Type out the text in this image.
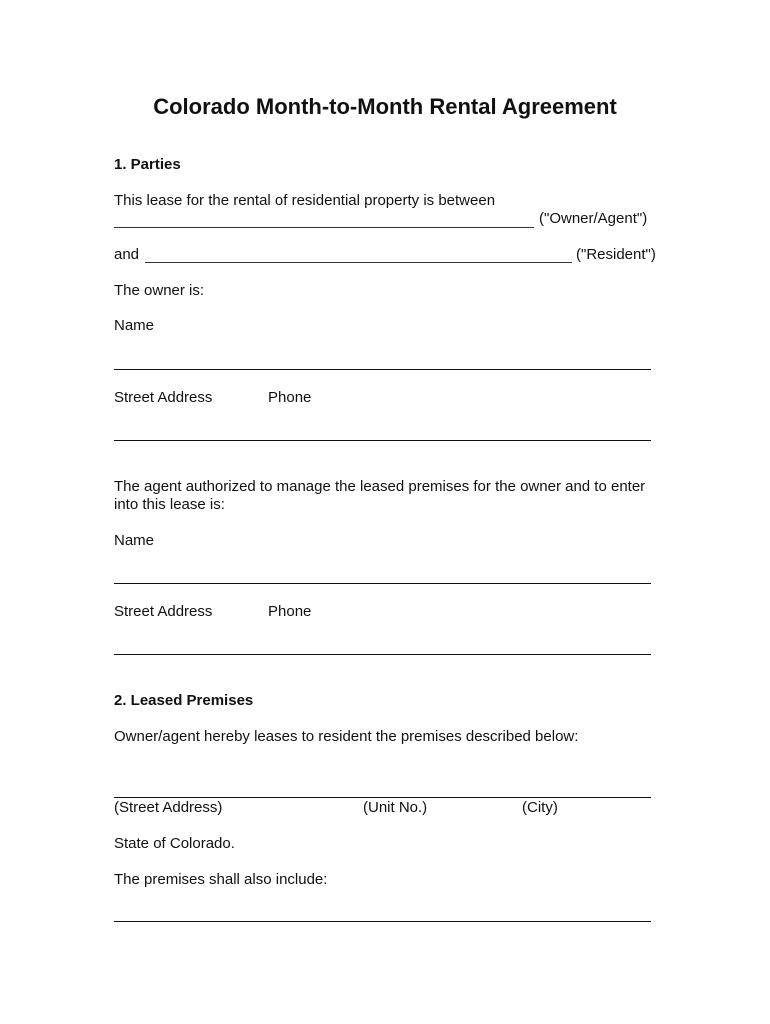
Colorado Month-to-Month Rental Agreement
1. Parties
This lease for the rental of residential property is between
("Owner/Agent")
and	("Resident")
The owner is:
Name
Street Address	Phone
The agent authorized to manage the leased premises for the owner and to enter into this lease is:
Name
Street Address	Phone
2. Leased Premises
Owner/agent hereby leases to resident the premises described below:
(Street Address)	(Unit No.)	(City)
State of Colorado.
The premises shall also include:
